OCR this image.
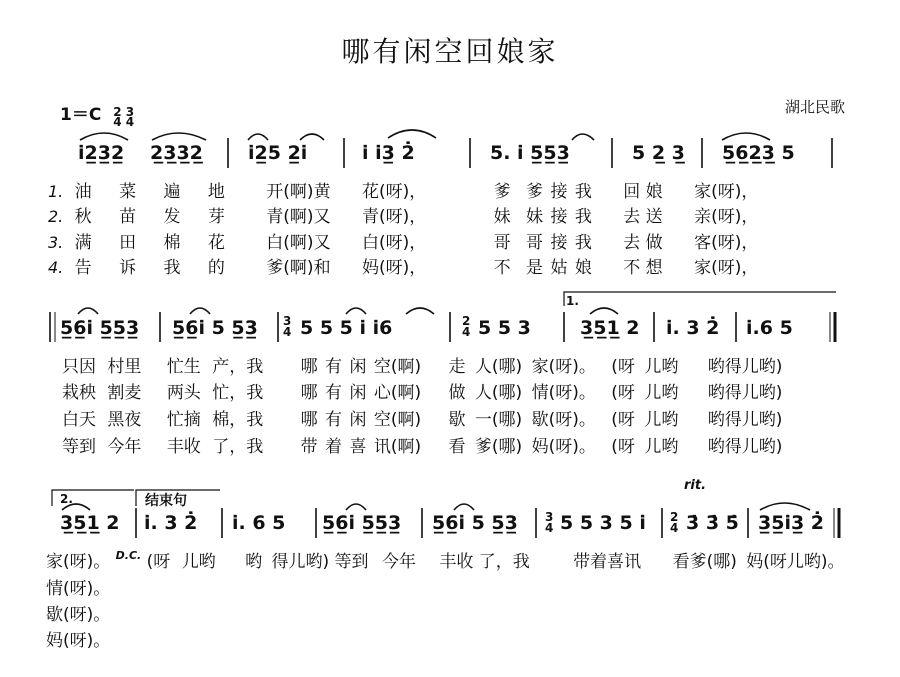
哪有闲空回娘家
1＝C 2
4 3
4
湖北民歌
i̇2̲3̲2̲ 2̲3̲3̲2̲ i̇2̲5 2̲i̇	i̇ i̇3̲ 2̇	5. i̇ 5̲5̲3̲	5 2̲ 3̲ 5̲6̲2̲3̲ 5
1. 油 菜 遍 地 开(啊)黄 花(呀)，	爹 爹 接 我 回 娘 家(呀)，
2. 秋 苗 发 芽 青(啊)又 青(呀)，	妹 妹 接 我 去 送 亲(呀)，
3. 满 田 棉 花 白(啊)又 白(呀)，	哥 哥 接 我 去 做 客(呀)，
4. 告 诉 我 的 爹(啊)和 妈(呀)，	不 是 姑 娘 不 想 家(呀)，
5̲6̲i̇ 5̲5̲3̲ 5̲6̲i̇ 5 5̲3̲ 5 5 5 i̇ i̇6	5 5 3	3̲5̲1̲ 2 i̇. 3 2̇ i̇.6 5
3
4
2
4
1.
只因 村里 忙生 产，我 哪 有 闲 空(啊) 走 人(哪) 家(呀)。 (呀 儿哟 哟得儿哟)
栽秧 割麦 两头 忙，我 哪 有 闲 心(啊) 做 人(哪) 情(呀)。 (呀 儿哟 哟得儿哟)
白天 黑夜 忙摘 棉，我 哪 有 闲 空(啊) 歇 一(哪) 歇(呀)。 (呀 儿哟 哟得儿哟)
等到 今年 丰收 了，我 带 着 喜 讯(啊) 看 爹(哪) 妈(呀)。 (呀 儿哟 哟得儿哟)
2.	结束句
rit.
3̲5̲1̲ 2 i̇. 3 2̇ i̇. 6 5 5̲6̲i̇ 5̲5̲3̲ 5̲6̲i̇ 5 5̲3̲ 3
4 5 5 3 5 i̇ 2
4 3̇ 3̇ 5̇ 3̲5̲i̇3̲ 2̇
家(呀)。 $^{D.C.}$ (呀 儿哟 哟 得儿哟) 等到 今年 丰收 了，我	带着喜讯 看爹(哪) 妈(呀儿哟)。
情(呀)。
歇(呀)。
妈(呀)。
